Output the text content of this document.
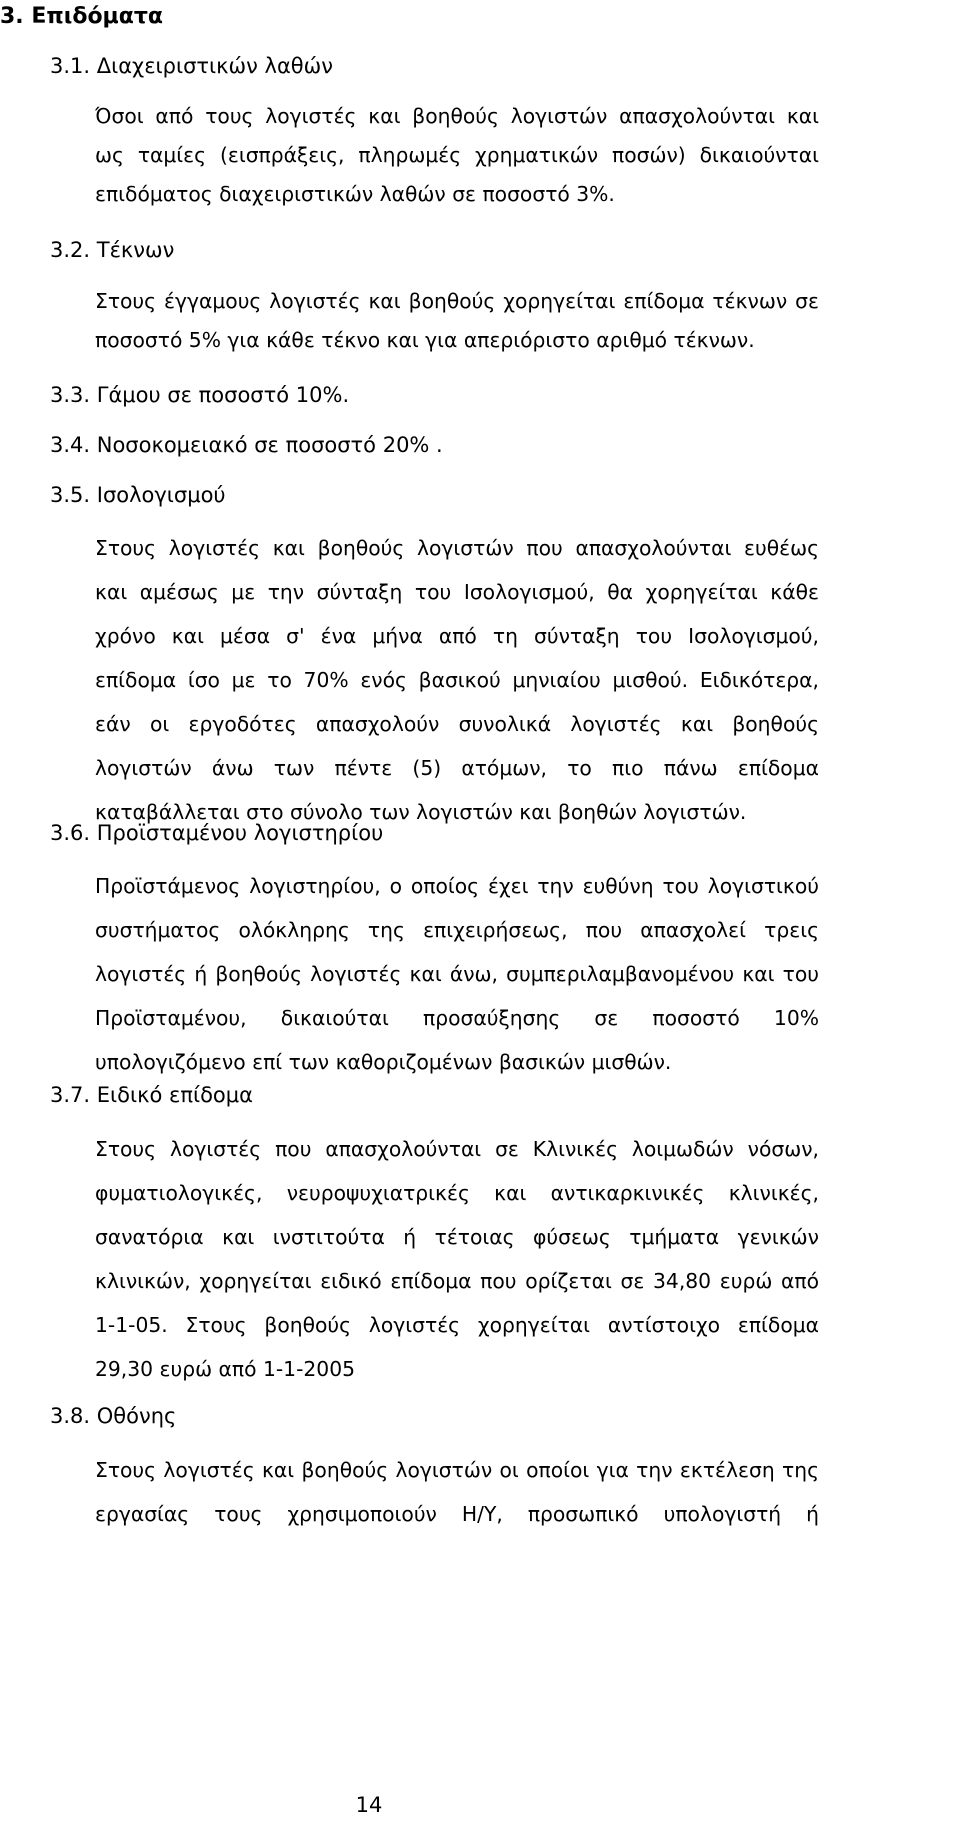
3. Επιδόματα
3.1. Διαχειριστικών λαθών
Όσοι από τους λογιστές και βοηθούς λογιστών απασχολούνται και
ως ταμίες (εισπράξεις, πληρωμές χρηματικών ποσών) δικαιούνται
επιδόματος διαχειριστικών λαθών σε ποσοστό 3%.
3.2. Τέκνων
Στους έγγαμους λογιστές και βοηθούς χορηγείται επίδομα τέκνων σε
ποσοστό 5% για κάθε τέκνο και για απεριόριστο αριθμό τέκνων.
3.3. Γάμου σε ποσοστό 10%.
3.4. Νοσοκομειακό σε ποσοστό 20% .
3.5. Ισολογισμού
Στους λογιστές και βοηθούς λογιστών που απασχολούνται ευθέως
και αμέσως με την σύνταξη του Ισολογισμού, θα χορηγείται κάθε
χρόνο και μέσα σ' ένα μήνα από τη σύνταξη του Ισολογισμού,
επίδομα ίσο με το 70% ενός βασικού μηνιαίου μισθού. Ειδικότερα,
εάν οι εργοδότες απασχολούν συνολικά λογιστές και βοηθούς
λογιστών άνω των πέντε (5) ατόμων, το πιο πάνω επίδομα
καταβάλλεται στο σύνολο των λογιστών και βοηθών λογιστών.
3.6. Προϊσταμένου λογιστηρίου
Προϊστάμενος λογιστηρίου, ο οποίος έχει την ευθύνη του λογιστικού
συστήματος ολόκληρης της επιχειρήσεως, που απασχολεί τρεις
λογιστές ή βοηθούς λογιστές και άνω, συμπεριλαμβανομένου και του
Προϊσταμένου, δικαιούται προσαύξησης σε ποσοστό 10%
υπολογιζόμενο επί των καθοριζομένων βασικών μισθών.
3.7. Ειδικό επίδομα
Στους λογιστές που απασχολούνται σε Κλινικές λοιμωδών νόσων,
φυματιολογικές, νευροψυχιατρικές και αντικαρκινικές κλινικές,
σανατόρια και ινστιτούτα ή τέτοιας φύσεως τμήματα γενικών
κλινικών, χορηγείται ειδικό επίδομα που ορίζεται σε 34,80 ευρώ από
1-1-05. Στους βοηθούς λογιστές χορηγείται αντίστοιχο επίδομα
29,30 ευρώ από 1-1-2005
3.8. Οθόνης
Στους λογιστές και βοηθούς λογιστών οι οποίοι για την εκτέλεση της
εργασίας τους χρησιμοποιούν Η/Υ, προσωπικό υπολογιστή ή
14
